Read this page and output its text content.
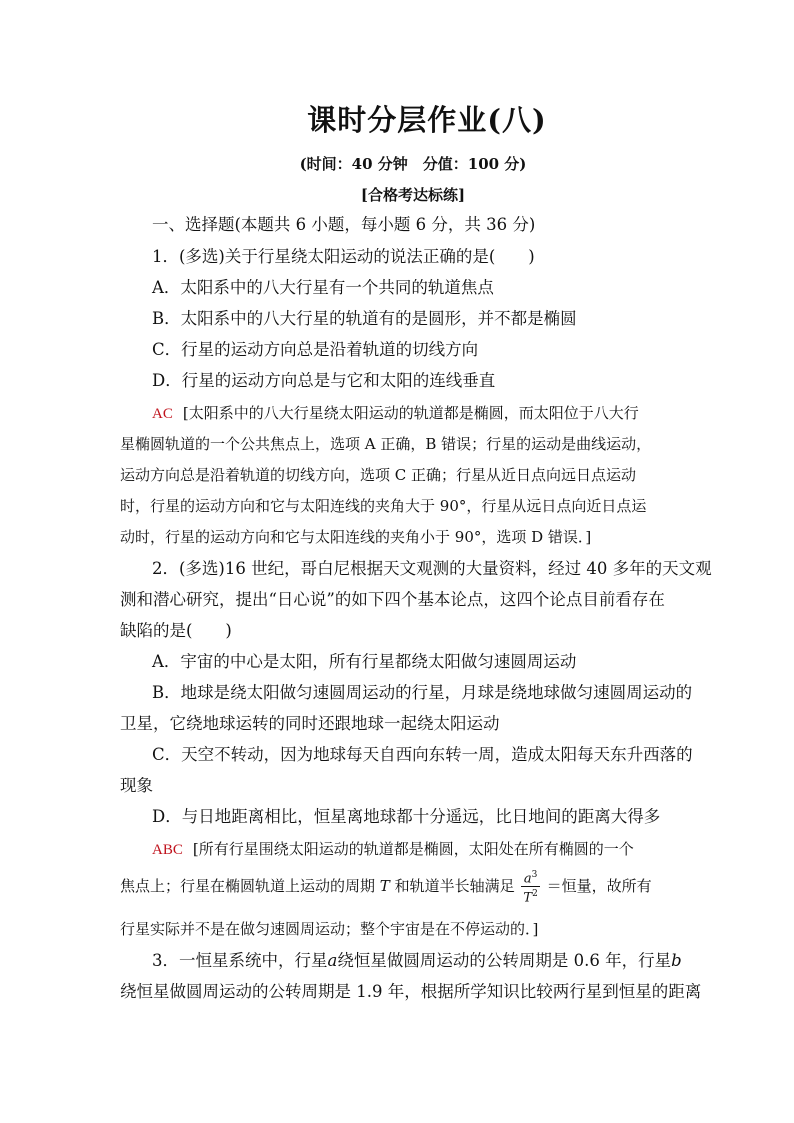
课时分层作业(八)
(时间：40 分钟　分值：100 分)
[合格考达标练]
一、选择题(本题共 6 小题，每小题 6 分，共 36 分)
1．(多选)关于行星绕太阳运动的说法正确的是(　　)
A．太阳系中的八大行星有一个共同的轨道焦点
B．太阳系中的八大行星的轨道有的是圆形，并不都是椭圆
C．行星的运动方向总是沿着轨道的切线方向
D．行星的运动方向总是与它和太阳的连线垂直
AC [太阳系中的八大行星绕太阳运动的轨道都是椭圆，而太阳位于八大行
星椭圆轨道的一个公共焦点上，选项 A 正确，B 错误；行星的运动是曲线运动，
运动方向总是沿着轨道的切线方向，选项 C 正确；行星从近日点向远日点运动
时，行星的运动方向和它与太阳连线的夹角大于 90°，行星从远日点向近日点运
动时，行星的运动方向和它与太阳连线的夹角小于 90°，选项 D 错误．]
2．(多选)16 世纪，哥白尼根据天文观测的大量资料，经过 40 多年的天文观
测和潜心研究，提出“日心说”的如下四个基本论点，这四个论点目前看存在
缺陷的是(　　)
A．宇宙的中心是太阳，所有行星都绕太阳做匀速圆周运动
B．地球是绕太阳做匀速圆周运动的行星，月球是绕地球做匀速圆周运动的
卫星，它绕地球运转的同时还跟地球一起绕太阳运动
C．天空不转动，因为地球每天自西向东转一周，造成太阳每天东升西落的
现象
D．与日地距离相比，恒星离地球都十分遥远，比日地间的距离大得多
ABC [所有行星围绕太阳运动的轨道都是椭圆，太阳处在所有椭圆的一个
焦点上；行星在椭圆轨道上运动的周期 T 和轨道半长轴满足 $\frac{a^3}{T^2}$ ＝恒量，故所有
行星实际并不是在做匀速圆周运动；整个宇宙是在不停运动的．]
3．一恒星系统中，行星a绕恒星做圆周运动的公转周期是 0.6 年，行星b
绕恒星做圆周运动的公转周期是 1.9 年，根据所学知识比较两行星到恒星的距离
